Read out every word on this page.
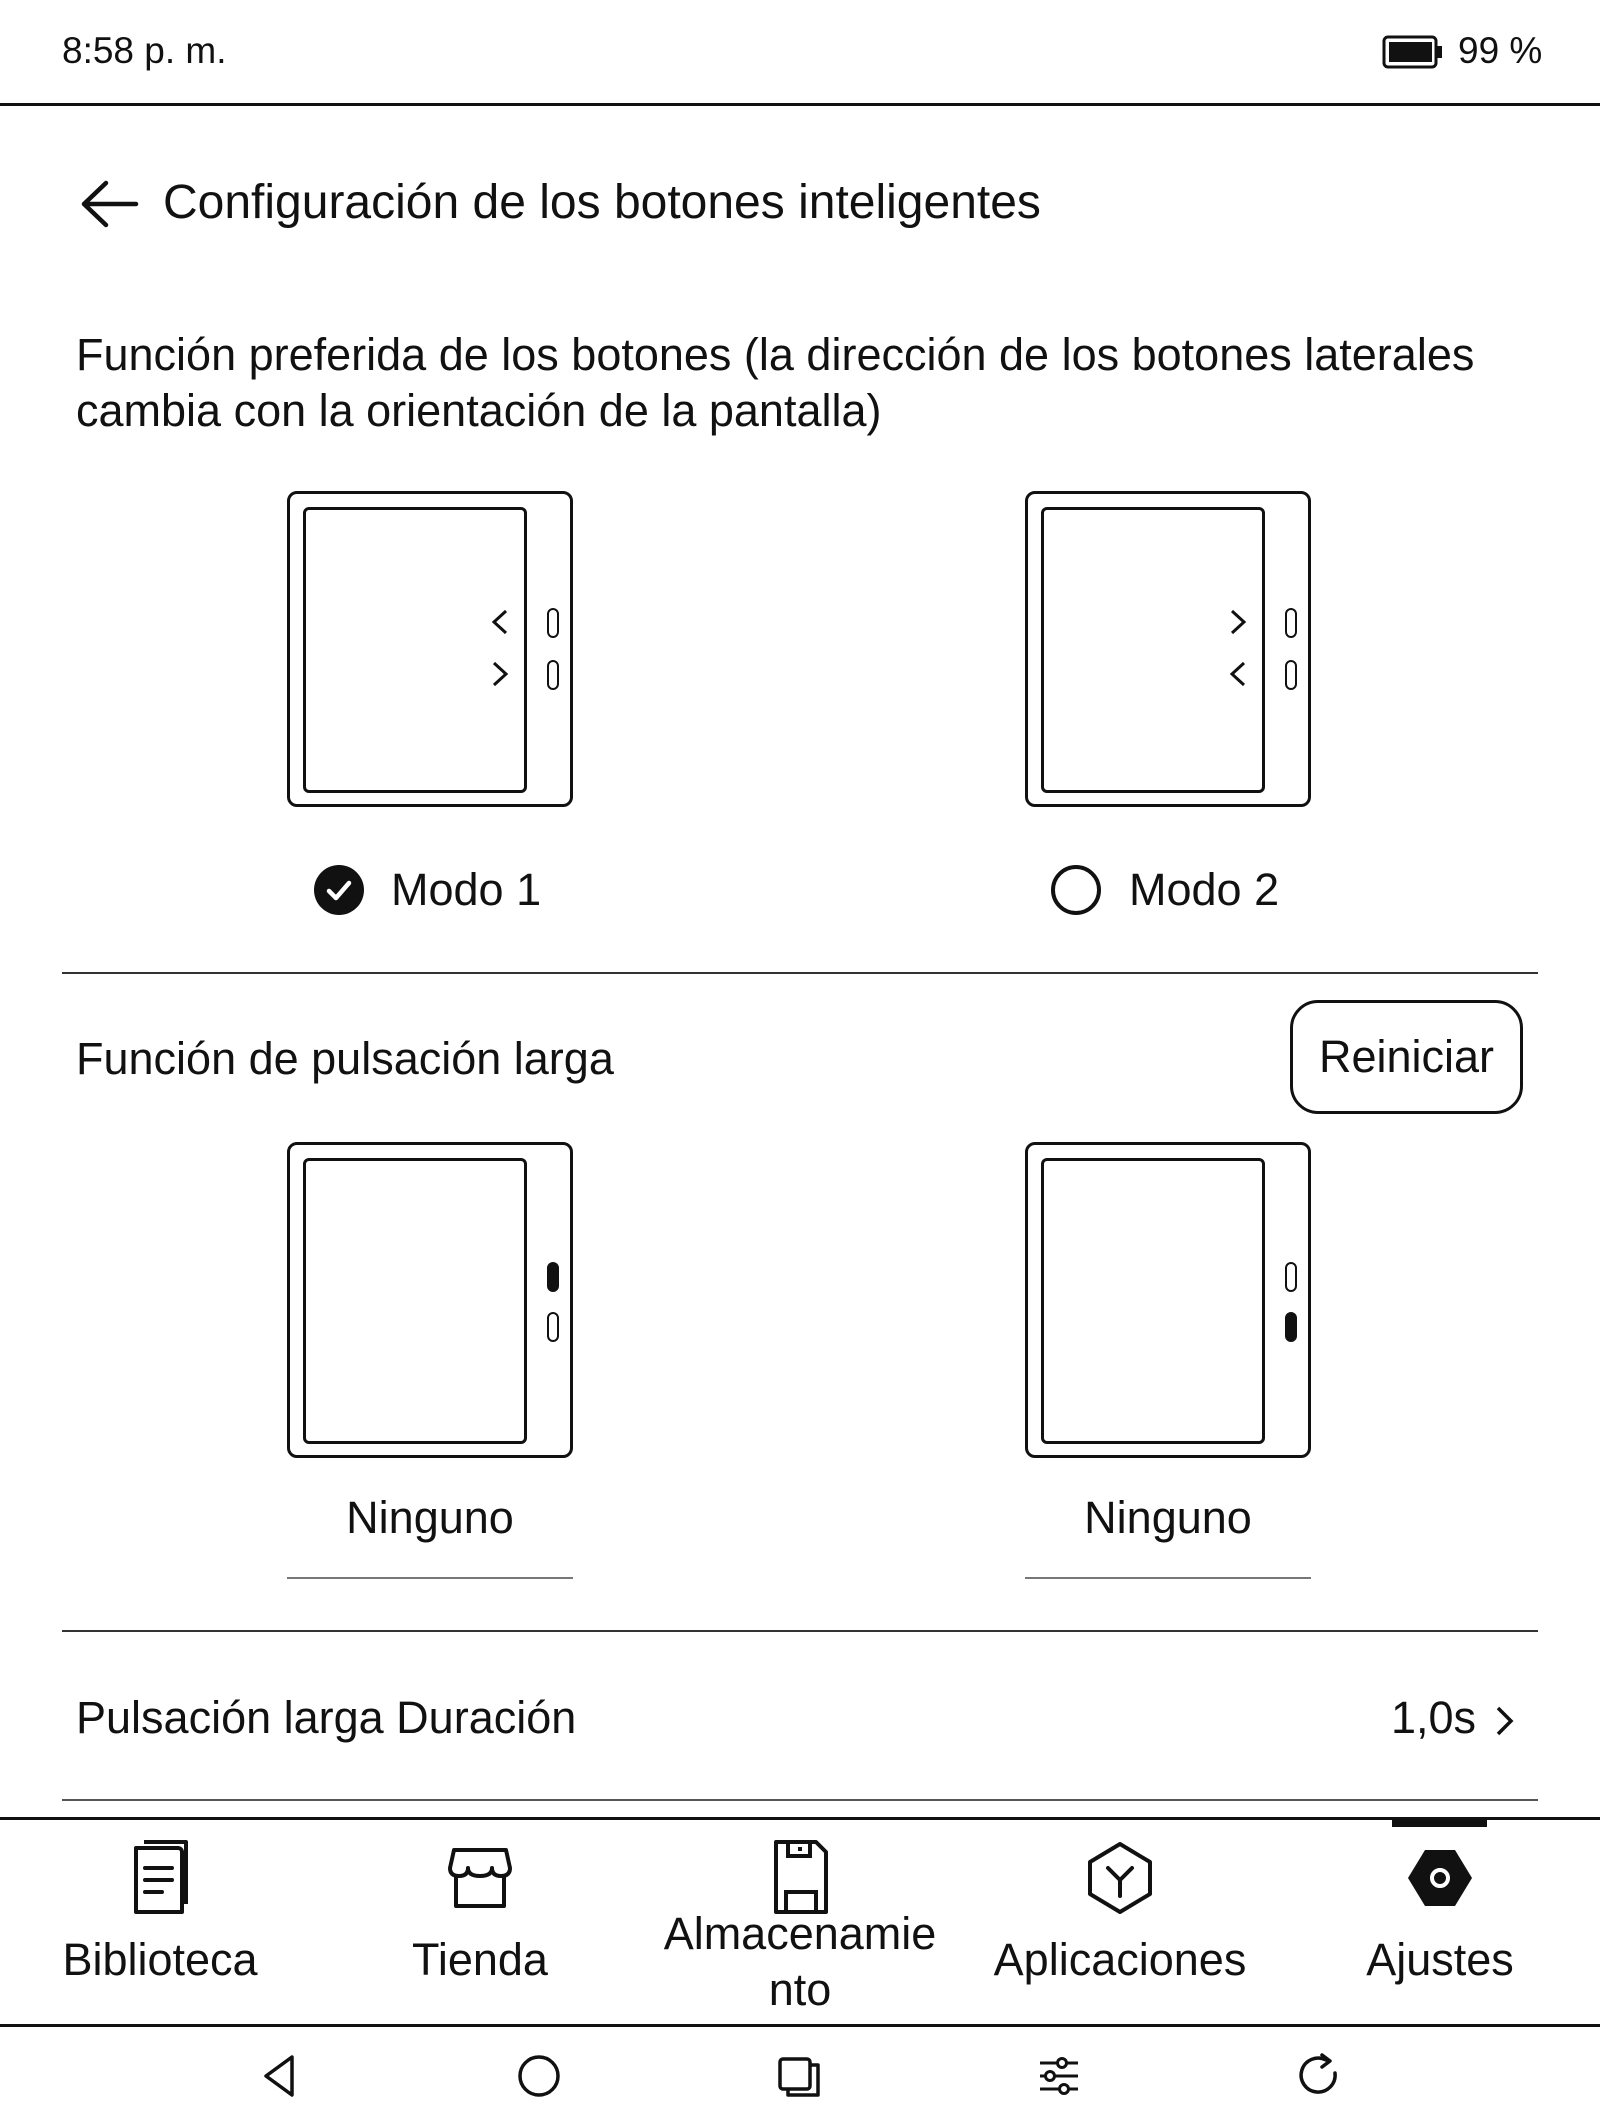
8:58 p. m.	99 %
Configuración de los botones inteligentes
Función preferida de los botones (la dirección de los botones laterales cambia con la orientación de la pantalla)
Modo 1	Modo 2
Función de pulsación larga	Reiniciar
Ninguno	Ninguno
Pulsación larga Duración	1,0s
Biblioteca	Tienda
Almacenamie
nto
Aplicaciones	Ajustes
